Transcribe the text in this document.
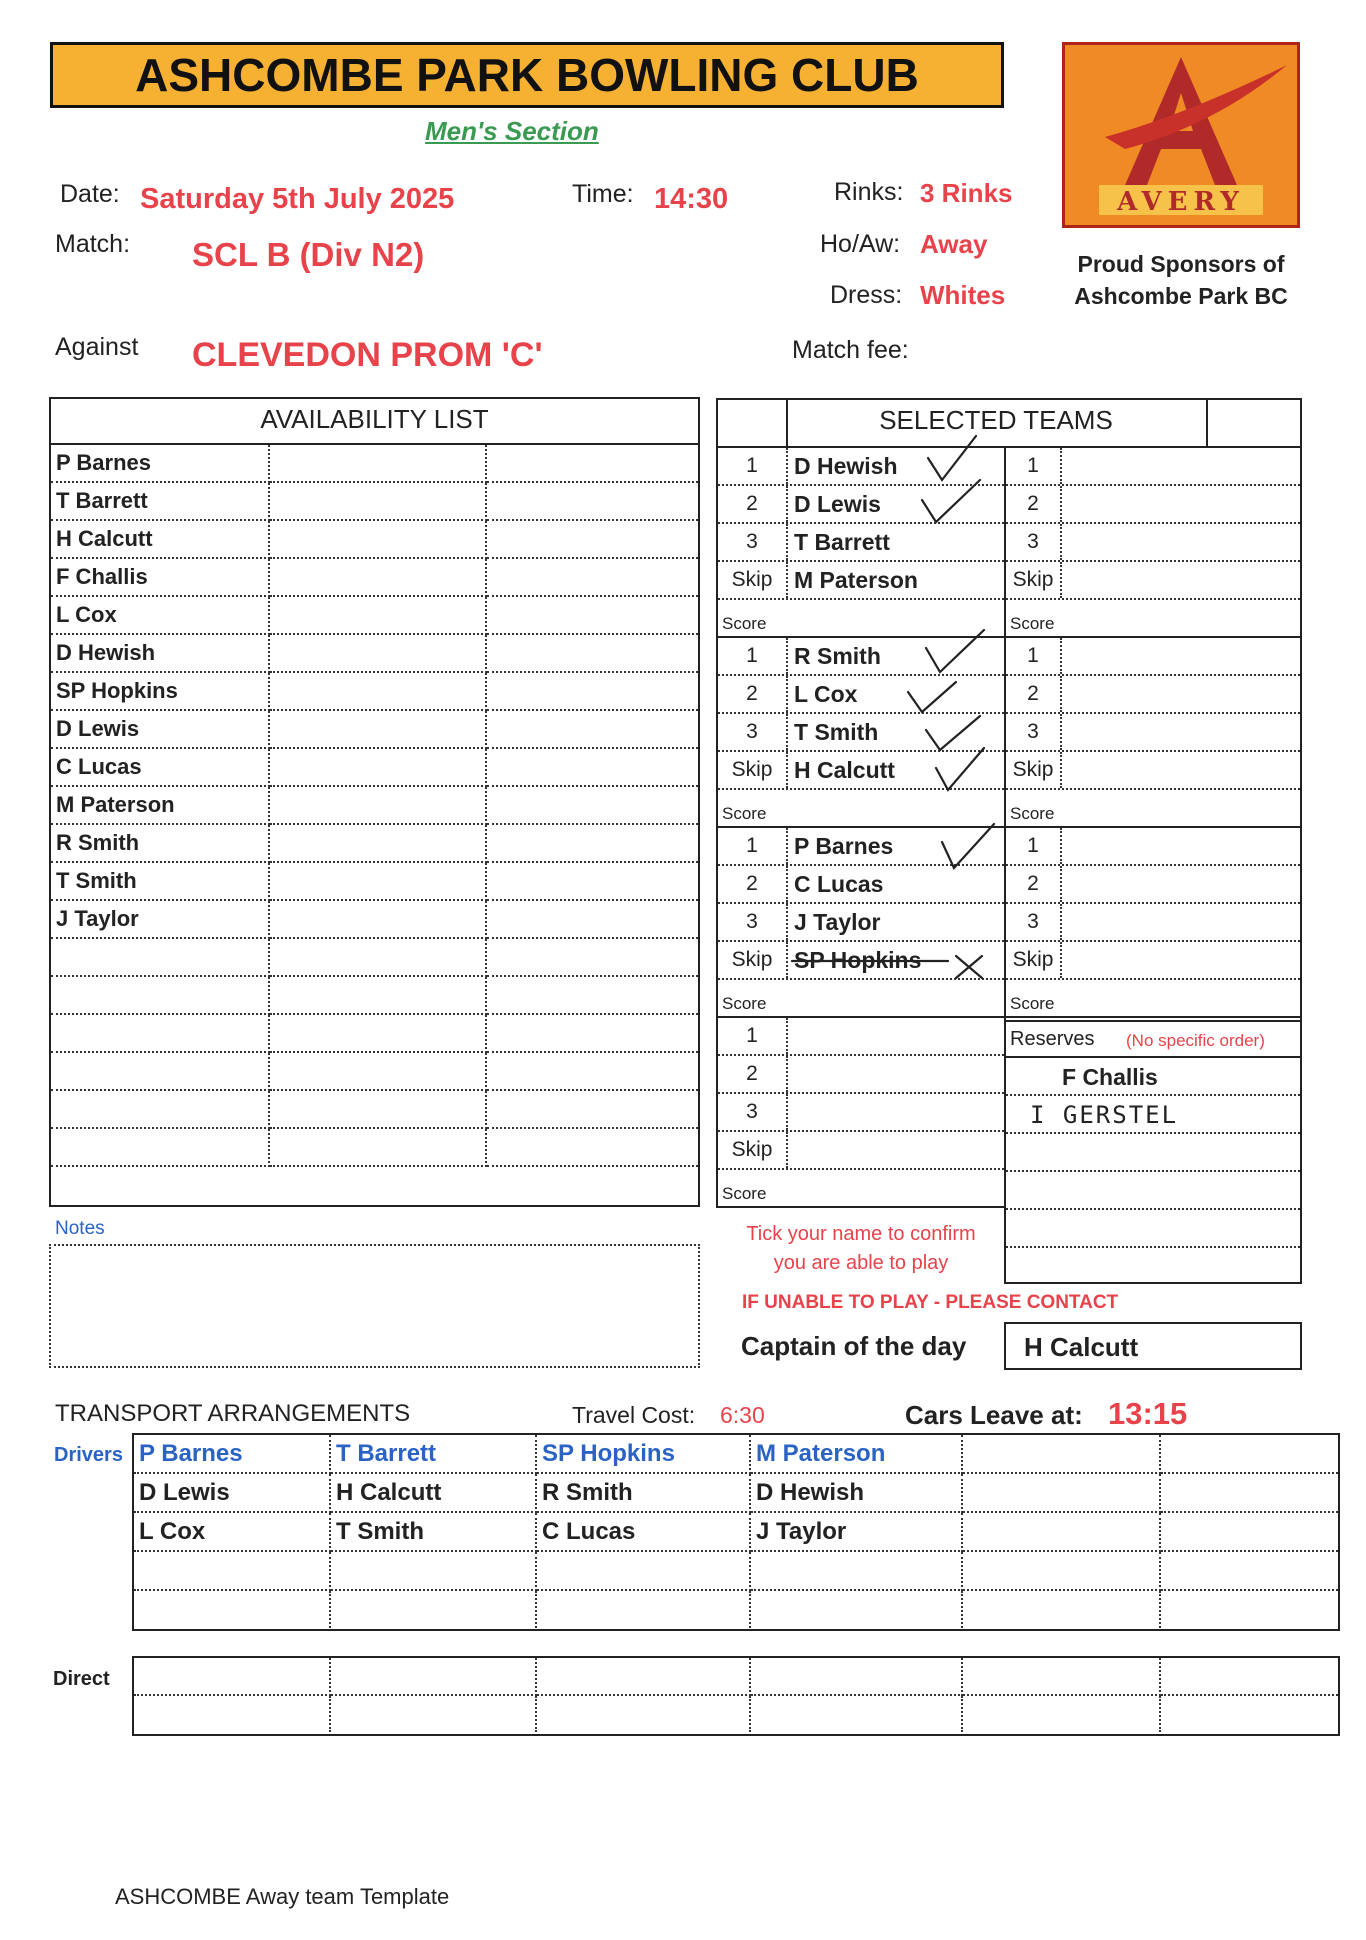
ASHCOMBE PARK BOWLING CLUB
Men's Section
AVERY
Proud Sponsors of Ashcombe Park BC
Date: Saturday 5th July 2025	Time: 14:30	Rinks: 3 Rinks
Match: SCL B (Div N2)	Ho/Aw: Away
Dress: Whites
Against CLEVEDON PROM 'C'	Match fee:
AVAILABILITY LIST
P Barnes		
T Barrett		
H Calcutt		
F Challis		
L Cox		
D Hewish		
SP Hopkins		
D Lewis		
C Lucas		
M Paterson		
R Smith		
T Smith		
J Taylor		

SELECTED TEAMS
1	D Hewish
2	D Lewis
3	T Barrett
Skip M Paterson
Score
1	R Smith
2	L Cox
3	T Smith
Skip H Calcutt
Score
1	P Barnes
2	C Lucas
3	J Taylor
Skip SP Hopkins
Score
1
2
3
Skip
Score
1
2
3
Skip
Score
1
2
3
Skip
Score
1
2
3
Skip
Score
Reserves (No specific order)
F Challis
I GERSTEL
Notes	Tick your name to confirm
you are able to play
IF UNABLE TO PLAY - PLEASE CONTACT
Captain of the day	H Calcutt
TRANSPORT ARRANGEMENTS	Travel Cost: 6:30	Cars Leave at: 13:15
Drivers P Barnes	T Barrett	SP Hopkins	M Paterson		
D Lewis	H Calcutt	R Smith	D Hewish		
L Cox	T Smith	C Lucas	J Taylor		

Direct

ASHCOMBE Away team Template
